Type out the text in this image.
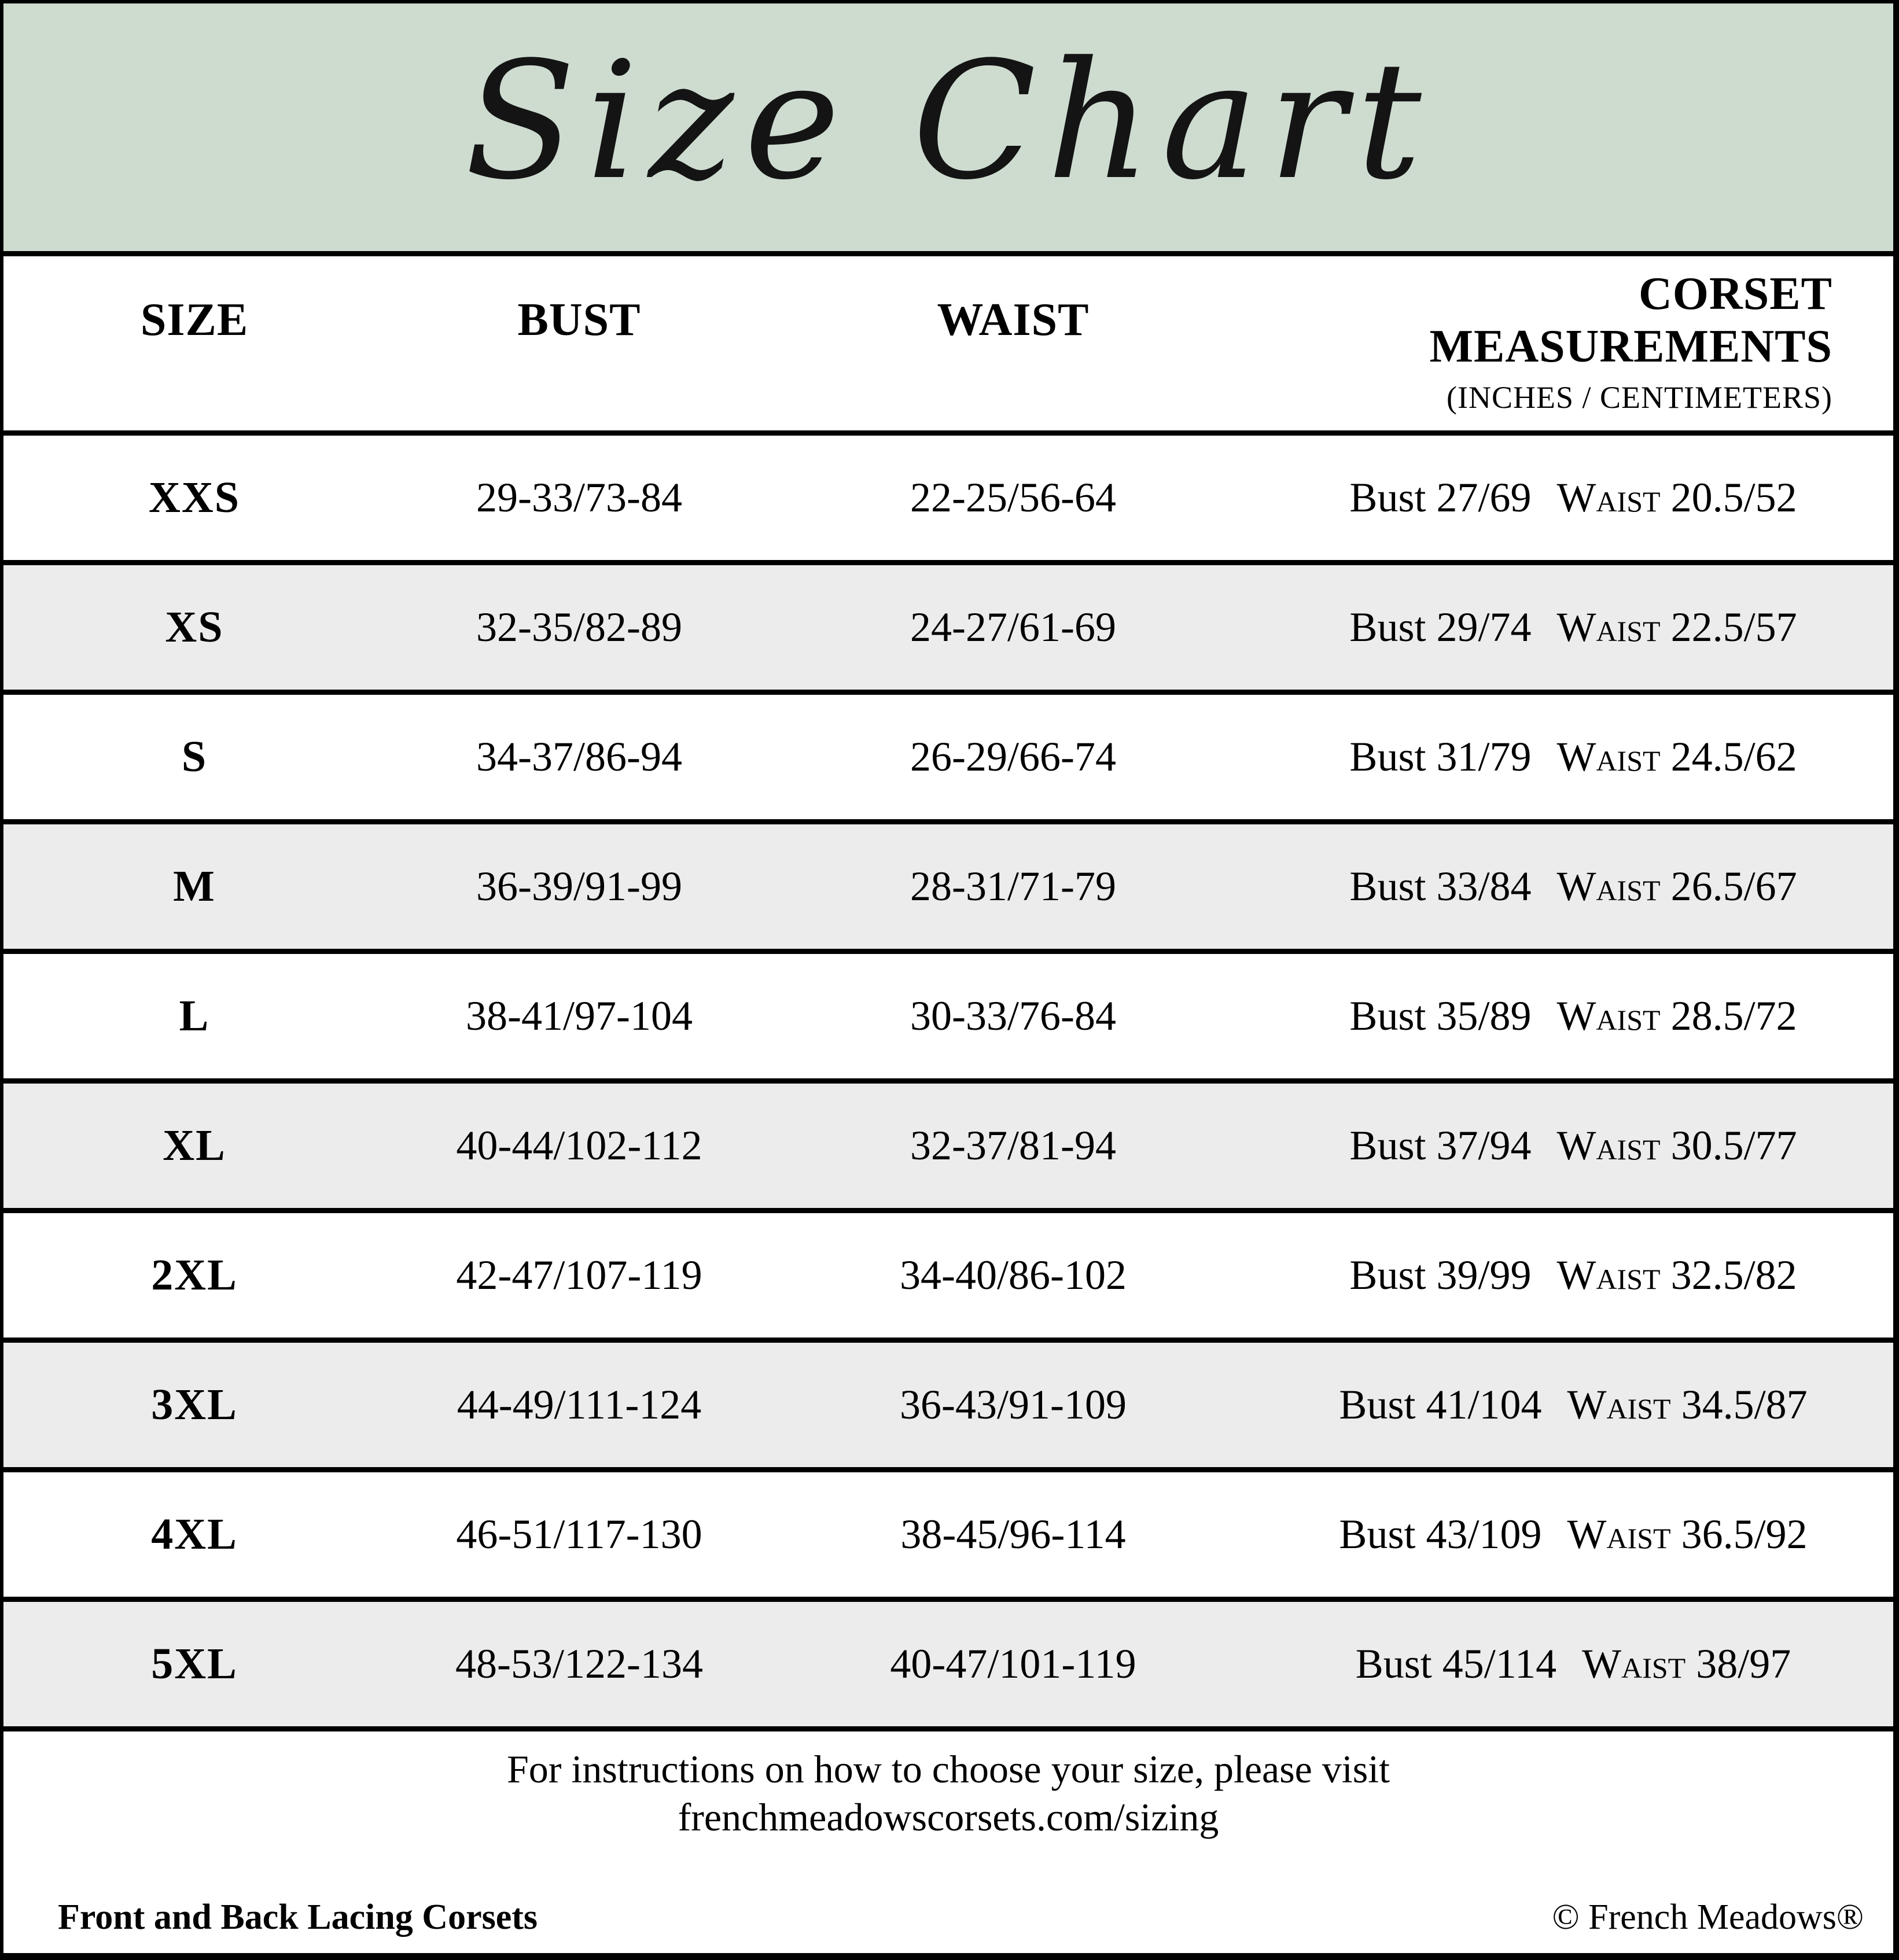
Size Chart
SIZE	BUST	WAIST
CORSET MEASUREMENTS
(INCHES / CENTIMETERS)
XXS	29-33/73-84	22-25/56-64	Bust 27/69 Waist 20.5/52
XS	32-35/82-89	24-27/61-69	Bust 29/74 Waist 22.5/57
S	34-37/86-94	26-29/66-74	Bust 31/79 Waist 24.5/62
M	36-39/91-99	28-31/71-79	Bust 33/84 Waist 26.5/67
L	38-41/97-104	30-33/76-84	Bust 35/89 Waist 28.5/72
XL	40-44/102-112	32-37/81-94	Bust 37/94 Waist 30.5/77
2XL	42-47/107-119	34-40/86-102	Bust 39/99 Waist 32.5/82
3XL	44-49/111-124	36-43/91-109	Bust 41/104 Waist 34.5/87
4XL	46-51/117-130	38-45/96-114	Bust 43/109 Waist 36.5/92
5XL	48-53/122-134	40-47/101-119	Bust 45/114 Waist 38/97
For instructions on how to choose your size, please visit
frenchmeadowscorsets.com/sizing
Front and Back Lacing Corsets	© French Meadows®
